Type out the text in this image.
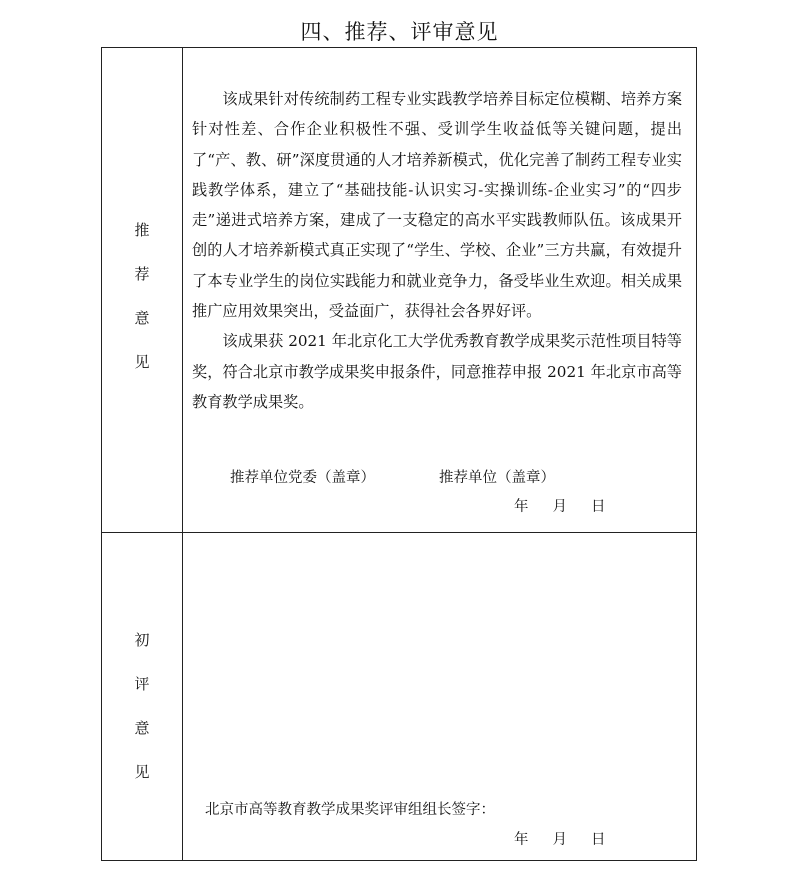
四、推荐、评审意见
推
荐
意
见

该成果针对传统制药工程专业实践教学培养目标定位模糊、培养方案针对性差、合作企业积极性不强、受训学生收益低等关键问题，提出了“产、教、研”深度贯通的人才培养新模式，优化完善了制药工程专业实践教学体系，建立了“基础技能-认识实习-实操训练-企业实习”的“四步走”递进式培养方案，建成了一支稳定的高水平实践教师队伍。该成果开创的人才培养新模式真正实现了“学生、学校、企业”三方共赢，有效提升了本专业学生的岗位实践能力和就业竞争力，备受毕业生欢迎。相关成果推广应用效果突出，受益面广，获得社会各界好评。

该成果获 2021 年北京化工大学优秀教育教学成果奖示范性项目特等奖，符合北京市教学成果奖申报条件，同意推荐申报 2021 年北京市高等教育教学成果奖。

推荐单位党委（盖章）	推荐单位（盖章）
年 月 日
初
评
意
见
北京市高等教育教学成果奖评审组组长签字：
年 月 日
